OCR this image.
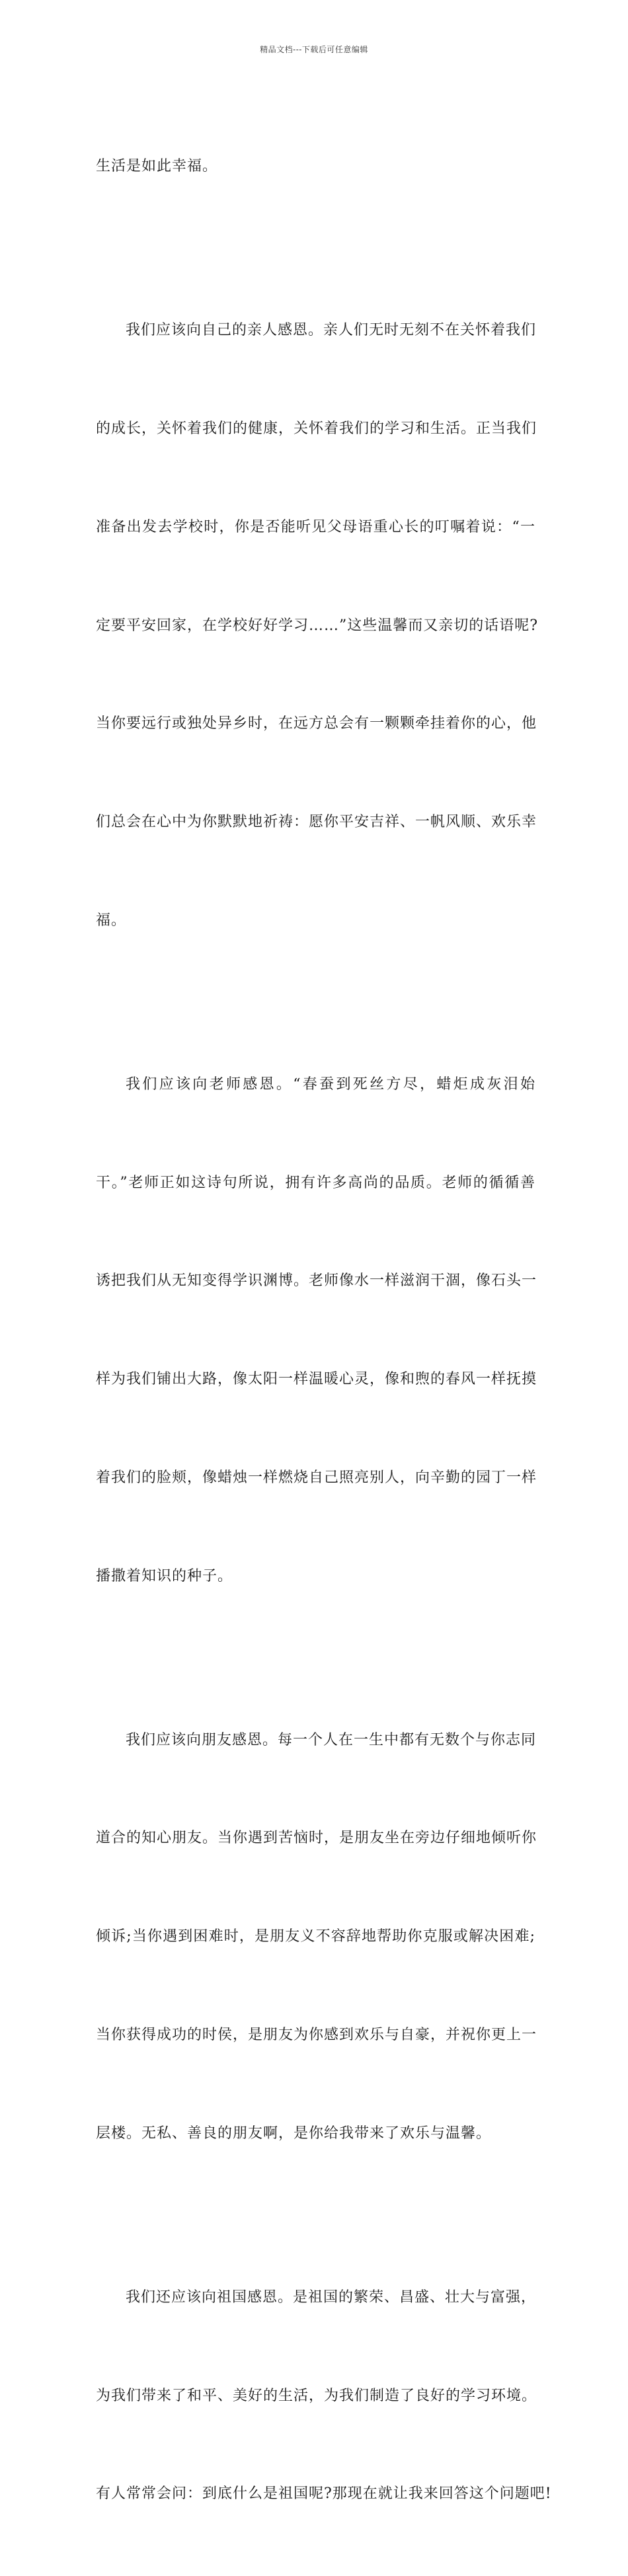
精品文档---下载后可任意编辑

生活是如此幸福。

我们应该向自己的亲人感恩。亲人们无时无刻不在关怀着我们

的成长，关怀着我们的健康，关怀着我们的学习和生活。正当我们

准备出发去学校时，你是否能听见父母语重心长的叮嘱着说：“一

定要平安回家，在学校好好学习……”这些温馨而又亲切的话语呢?

当你要远行或独处异乡时，在远方总会有一颗颗牵挂着你的心，他

们总会在心中为你默默地祈祷：愿你平安吉祥、一帆风顺、欢乐幸

福。

我们应该向老师感恩。“春蚕到死丝方尽，蜡炬成灰泪始

干。”老师正如这诗句所说，拥有许多高尚的品质。老师的循循善

诱把我们从无知变得学识渊博。老师像水一样滋润干涸，像石头一

样为我们铺出大路，像太阳一样温暖心灵，像和煦的春风一样抚摸

着我们的脸颊，像蜡烛一样燃烧自己照亮别人，向辛勤的园丁一样

播撒着知识的种子。

我们应该向朋友感恩。每一个人在一生中都有无数个与你志同

道合的知心朋友。当你遇到苦恼时，是朋友坐在旁边仔细地倾听你

倾诉;当你遇到困难时，是朋友义不容辞地帮助你克服或解决困难;

当你获得成功的时侯，是朋友为你感到欢乐与自豪，并祝你更上一

层楼。无私、善良的朋友啊，是你给我带来了欢乐与温馨。

我们还应该向祖国感恩。是祖国的繁荣、昌盛、壮大与富强，

为我们带来了和平、美好的生活，为我们制造了良好的学习环境。

有人常常会问：到底什么是祖国呢?那现在就让我来回答这个问题吧!
